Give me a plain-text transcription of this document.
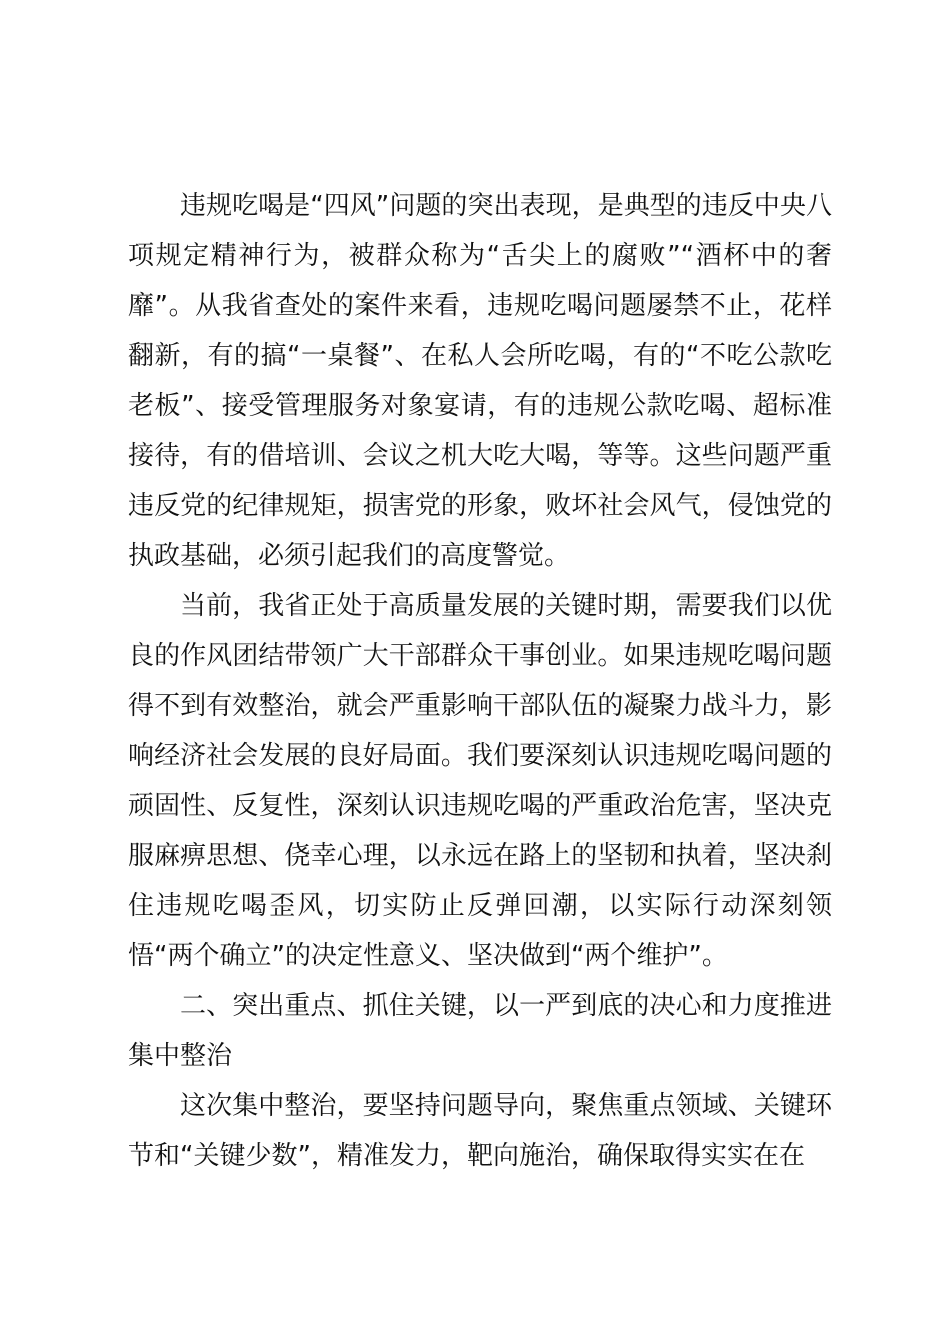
违规吃喝是“四风”问题的突出表现，是典型的违反中央八项规定精神行为，被群众称为“舌尖上的腐败”“酒杯中的奢靡”。从我省查处的案件来看，违规吃喝问题屡禁不止，花样翻新，有的搞“一桌餐”、在私人会所吃喝，有的“不吃公款吃老板”、接受管理服务对象宴请，有的违规公款吃喝、超标准接待，有的借培训、会议之机大吃大喝，等等。这些问题严重违反党的纪律规矩，损害党的形象，败坏社会风气，侵蚀党的执政基础，必须引起我们的高度警觉。

当前，我省正处于高质量发展的关键时期，需要我们以优良的作风团结带领广大干部群众干事创业。如果违规吃喝问题得不到有效整治，就会严重影响干部队伍的凝聚力战斗力，影响经济社会发展的良好局面。我们要深刻认识违规吃喝问题的顽固性、反复性，深刻认识违规吃喝的严重政治危害，坚决克服麻痹思想、侥幸心理，以永远在路上的坚韧和执着，坚决刹住违规吃喝歪风，切实防止反弹回潮，以实际行动深刻领悟“两个确立”的决定性意义、坚决做到“两个维护”。

二、突出重点、抓住关键，以一严到底的决心和力度推进集中整治

这次集中整治，要坚持问题导向，聚焦重点领域、关键环节和“关键少数”，精准发力，靶向施治，确保取得实实在在
